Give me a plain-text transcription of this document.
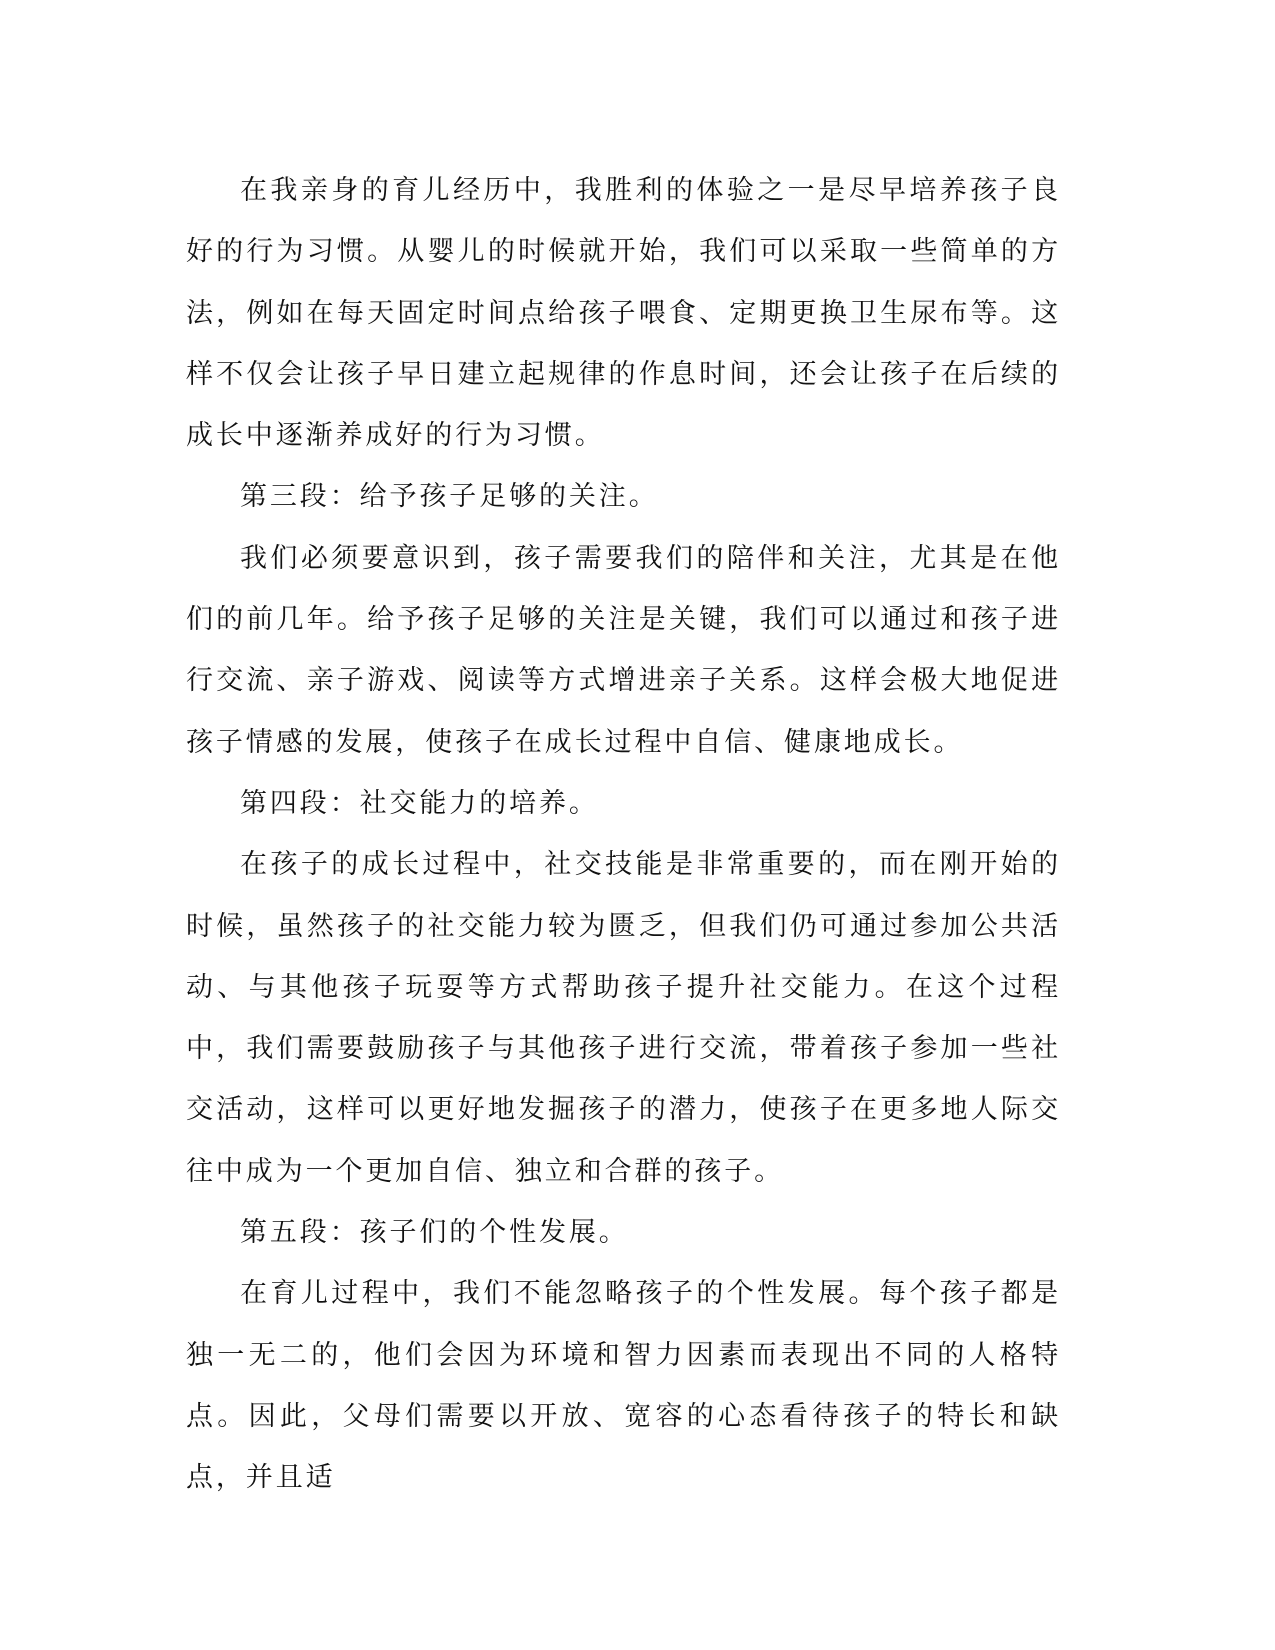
在我亲身的育儿经历中，我胜利的体验之一是尽早培养孩子良好的行为习惯。从婴儿的时候就开始，我们可以采取一些简单的方法，例如在每天固定时间点给孩子喂食、定期更换卫生尿布等。这样不仅会让孩子早日建立起规律的作息时间，还会让孩子在后续的成长中逐渐养成好的行为习惯。

第三段：给予孩子足够的关注。

我们必须要意识到，孩子需要我们的陪伴和关注，尤其是在他们的前几年。给予孩子足够的关注是关键，我们可以通过和孩子进行交流、亲子游戏、阅读等方式增进亲子关系。这样会极大地促进孩子情感的发展，使孩子在成长过程中自信、健康地成长。

第四段：社交能力的培养。

在孩子的成长过程中，社交技能是非常重要的，而在刚开始的时候，虽然孩子的社交能力较为匮乏，但我们仍可通过参加公共活动、与其他孩子玩耍等方式帮助孩子提升社交能力。在这个过程中，我们需要鼓励孩子与其他孩子进行交流，带着孩子参加一些社交活动，这样可以更好地发掘孩子的潜力，使孩子在更多地人际交往中成为一个更加自信、独立和合群的孩子。

第五段：孩子们的个性发展。

在育儿过程中，我们不能忽略孩子的个性发展。每个孩子都是独一无二的，他们会因为环境和智力因素而表现出不同的人格特点。因此，父母们需要以开放、宽容的心态看待孩子的特长和缺点，并且适
